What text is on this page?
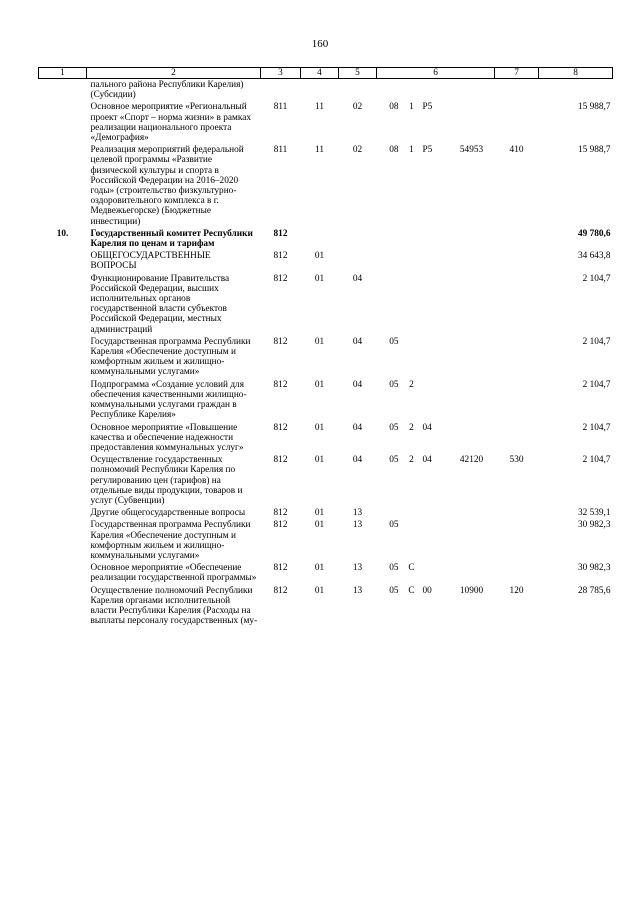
160
1	2	3	4	5	6				7	8
	пального района Республики Карелия) (Субсидии)									
	Основное мероприятие «Региональный проект «Спорт – норма жизни» в рамках реализации национального проекта «Демография»	811	11	02	08	1	P5			15 988,7
	Реализация мероприятий федеральной целевой программы «Развитие физической культуры и спорта в Российской Федерации на 2016–2020 годы» (строительство физкультурно-оздоровительного комплекса в г. Медвежьегорске) (Бюджетные инвестиции)	811	11	02	08	1	P5	54953	410	15 988,7
10.	Государственный комитет Республики Карелия по ценам и тарифам	812								49 780,6
	ОБЩЕГОСУДАРСТВЕННЫЕ ВОПРОСЫ	812	01							34 643,8
	Функционирование Правительства Российской Федерации, высших исполнительных органов государственной власти субъектов Российской Федерации, местных администраций	812	01	04						2 104,7
	Государственная программа Республики Карелия «Обеспечение доступным и комфортным жильем и жилищно-коммунальными услугами»	812	01	04	05					2 104,7
	Подпрограмма «Создание условий для обеспечения качественными жилищно-коммунальными услугами граждан в Республике Карелия»	812	01	04	05	2				2 104,7
	Основное мероприятие «Повышение качества и обеспечение надежности предоставления коммунальных услуг»	812	01	04	05	2	04			2 104,7
	Осуществление государственных полномочий Республики Карелия по регулированию цен (тарифов) на отдельные виды продукции, товаров и услуг (Субвенции)	812	01	04	05	2	04	42120	530	2 104,7
	Другие общегосударственные вопросы	812	01	13						32 539,1
	Государственная программа Республики Карелия «Обеспечение доступным и комфортным жильем и жилищно-коммунальными услугами»	812	01	13	05					30 982,3
	Основное мероприятие «Обеспечение реализации государственной программы»	812	01	13	05	С				30 982,3
	Осуществление полномочий Республики Карелия органами исполнительной власти Республики Карелия (Расходы на выплаты персоналу государственных (му-	812	01	13	05	С	00	10900	120	28 785,6
